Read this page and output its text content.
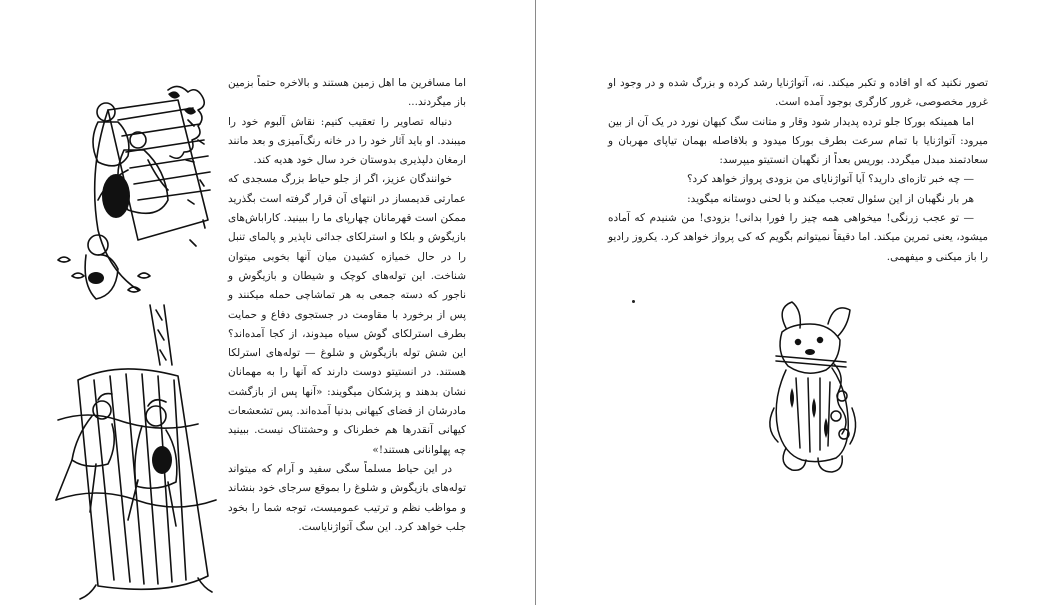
اما مسافرین ما اهل زمین هستند و بالاخره حتماً بزمین باز میگردند...

دنباله تصاویر را تعقیب کنیم: نقاش آلبوم خود را میبندد. او باید آثار خود را در خانه رنگ‌آمیزی و بعد مانند ارمغان دلپذیری بدوستان خرد سال خود هدیه کند.

خوانندگان عزیز، اگر از جلو حیاط بزرگ مسجدی که عمارتی قدیمساز در انتهای آن قرار گرفته است بگذرید ممکن است قهرمانان چهارپای ما را ببینید. کاراباش‌های بازیگوش و بلکا و استرلکای جدائی ناپذیر و پالمای تنبل را در حال خمیازه کشیدن میان آنها بخوبی میتوان شناخت. این توله‌های کوچک و شیطان و بازیگوش و ناجور که دسته جمعی به هر تماشاچی حمله میکنند و پس از برخورد با مقاومت در جستجوی دفاع و حمایت بطرف استرلکای گوش سیاه میدوند، از کجا آمده‌اند؟ این شش توله بازیگوش و شلوغ — توله‌های استرلکا هستند. در انستیتو دوست دارند که آنها را به مهمانان نشان بدهند و پزشکان میگویند: «آنها پس از بازگشت مادرشان از فضای کیهانی بدنیا آمده‌اند. پس تشعشعات کیهانی آنقدرها هم خطرناک و وحشتناک نیست. ببینید چه پهلوانانی هستند!»

در این حیاط مسلماً سگی سفید و آرام که میتواند توله‌های بازیگوش و شلوغ را بموقع سرجای خود بنشاند و مواظب نظم و ترتیب عمومیست، توجه شما را بخود جلب خواهد کرد. این سگ آتواژنایاست.

تصور نکنید که او افاده و تکبر میکند. نه، آتواژنایا رشد کرده و بزرگ شده و در وجود او غرور مخصوصی، غرور کارگری بوجود آمده است.

اما همینکه بورکا جلو ترده پدیدار شود وقار و متانت سگ کیهان نورد در یک آن از بین میرود: آتواژنایا با تمام سرعت بطرف بورکا میدود و بلافاصله بهمان تیاپای مهربان و سعادتمند مبدل میگردد. بوریس بعداً از نگهبان انستیتو میپرسد:

— چه خبر تازه‌ای دارید؟ آیا آتواژنایای من بزودی پرواز خواهد کرد؟

هر بار نگهبان از این سئوال تعجب میکند و با لحنی دوستانه میگوید:

— تو عجب زرنگی! میخواهی همه چیز را فورا بدانی! بزودی! من شنیدم که آماده میشود، یعنی تمرین میکند. اما دقیقاً نمیتوانم بگویم که کی پرواز خواهد کرد. یکروز رادیو را باز میکنی و میفهمی.
